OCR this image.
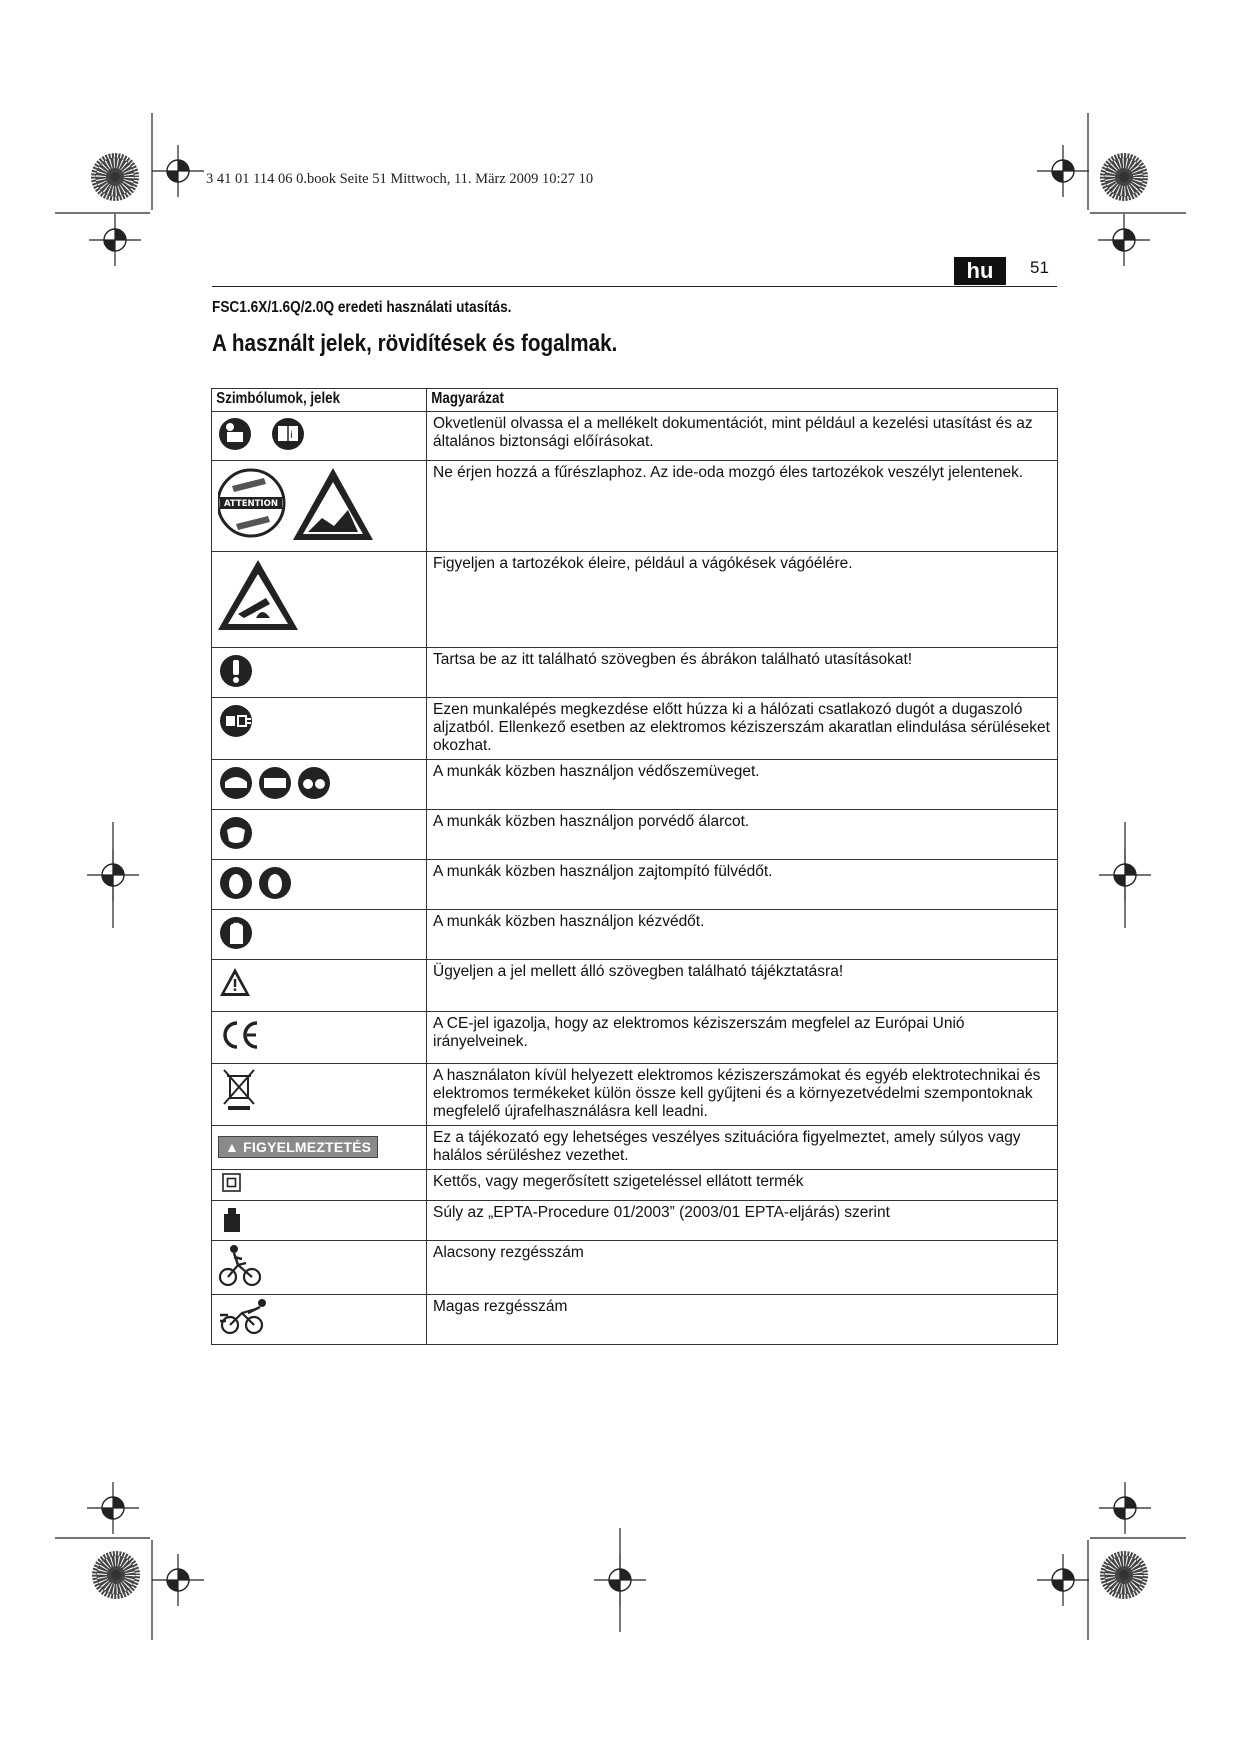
3 41 01 114 06 0.book Seite 51 Mittwoch, 11. März 2009 10:27 10
hu	51
FSC1.6X/1.6Q/2.0Q eredeti használati utasítás.
A használt jelek, rövidítések és fogalmak.
Szimbólumok, jelek	Magyarázat

i	Okvetlenül olvassa el a mellékelt dokumentációt, mint például a kezelési utasítást és az általános biztonsági előírásokat.

ATTENTION	Ne érjen hozzá a fűrészlaphoz. Az ide-oda mozgó éles tartozékok veszélyt jelentenek.
	Figyeljen a tartozékok éleire, például a vágókések vágóélére.
	Tartsa be az itt található szövegben és ábrákon található utasításokat!
	Ezen munkalépés megkezdése előtt húzza ki a hálózati csatlakozó dugót a dugaszoló aljzatból. Ellenkező esetben az elektromos kéziszerszám akaratlan elindulása sérüléseket okozhat.
	A munkák közben használjon védőszemüveget.
	A munkák közben használjon porvédő álarcot.
	A munkák közben használjon zajtompító fülvédőt.
	A munkák közben használjon kézvédőt.
	Ügyeljen a jel mellett álló szövegben található tájékztatásra!
	A CE-jel igazolja, hogy az elektromos kéziszerszám megfelel az Európai Unió irányelveinek.
	A használaton kívül helyezett elektromos kéziszerszámokat és egyéb elektrotechnikai és elektromos termékeket külön össze kell gyűjteni és a környezetvédelmi szempontoknak megfelelő újrafelhasználásra kell leadni.
▲ FIGYELMEZTETÉS	Ez a tájékozató egy lehetséges veszélyes szituációra figyelmeztet, amely súlyos vagy halálos sérüléshez vezethet.
	Kettős, vagy megerősített szigeteléssel ellátott termék
	Súly az „EPTA-Procedure 01/2003” (2003/01 EPTA-eljárás) szerint
	Alacsony rezgésszám
	Magas rezgésszám
